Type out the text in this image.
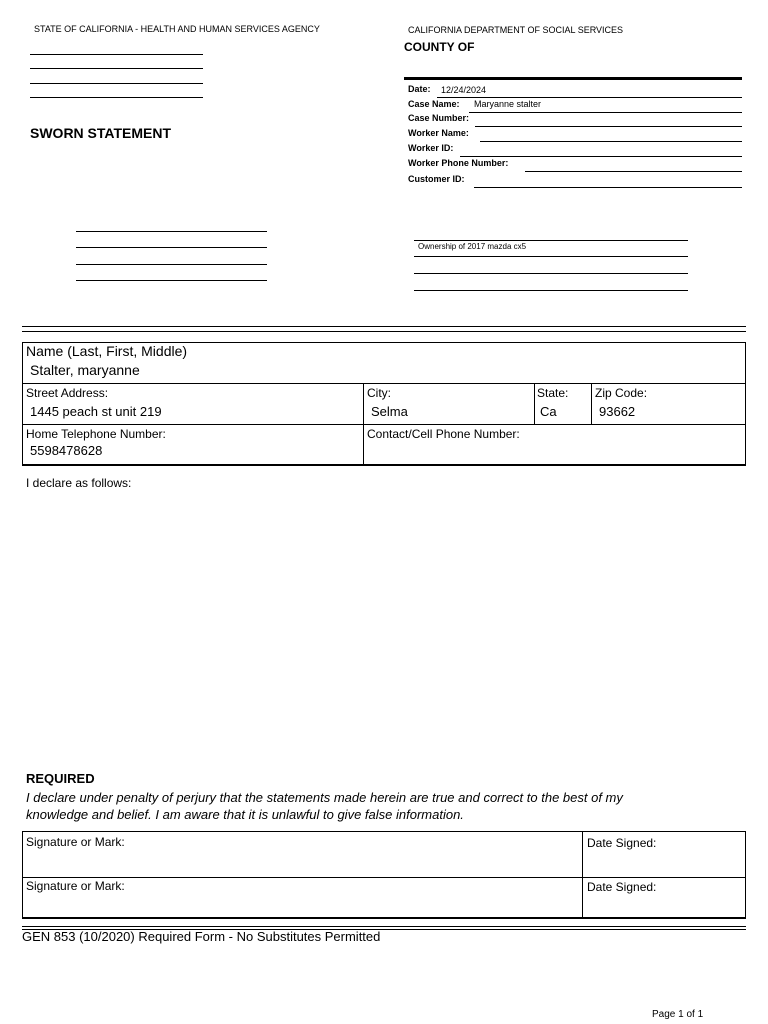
STATE OF CALIFORNIA - HEALTH AND HUMAN SERVICES AGENCY	CALIFORNIA DEPARTMENT OF SOCIAL SERVICES
COUNTY OF
SWORN STATEMENT
Date: 12/24/2024
Case Name: Maryanne stalter
Case Number:
Worker Name:
Worker ID:
Worker Phone Number:
Customer ID:
Ownership of 2017 mazda cx5
Name (Last, First, Middle)
Stalter, maryanne
Street Address:
1445 peach st unit 219
City:
Selma
State:
Ca
Zip Code:
93662
Home Telephone Number:
5598478628
Contact/Cell Phone Number:
I declare as follows:
REQUIRED
I declare under penalty of perjury that the statements made herein are true and correct to the best of my
knowledge and belief. I am aware that it is unlawful to give false information.
Signature or Mark:	Date Signed:
Signature or Mark:	Date Signed:
GEN 853 (10/2020) Required Form - No Substitutes Permitted
Page 1 of 1
